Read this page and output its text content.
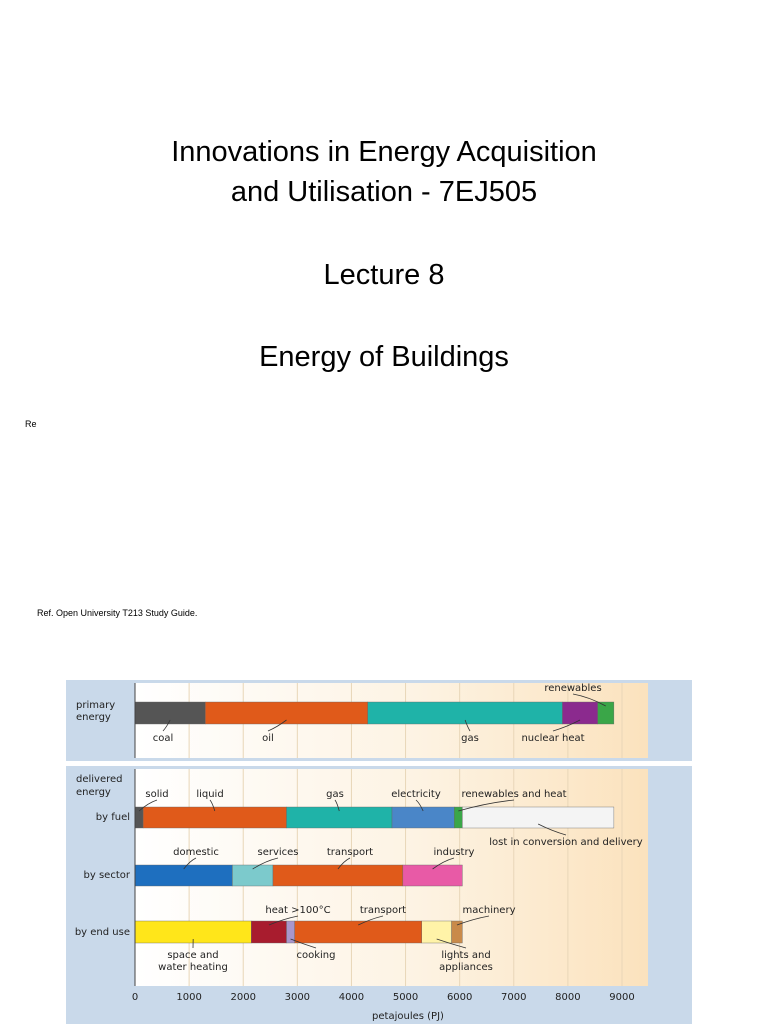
Innovations in Energy Acquisition
and Utilisation - 7EJ505
Lecture 8
Energy of Buildings
Re
Ref. Open University T213 Study Guide.
coal	oil	gas	nuclear heat
renewables
by fuel
solid	liquid	gas	electricity renewables and heat
lost in conversion and delivery
by sector
domestic	services	transport	industry
by end use
space and water heating
heat >100°C
cooking
transport
lights and appliances
machinery
0	1000	2000	3000	4000	5000	6000	7000	8000	9000
primary
energy
delivered
energy
petajoules (PJ)
